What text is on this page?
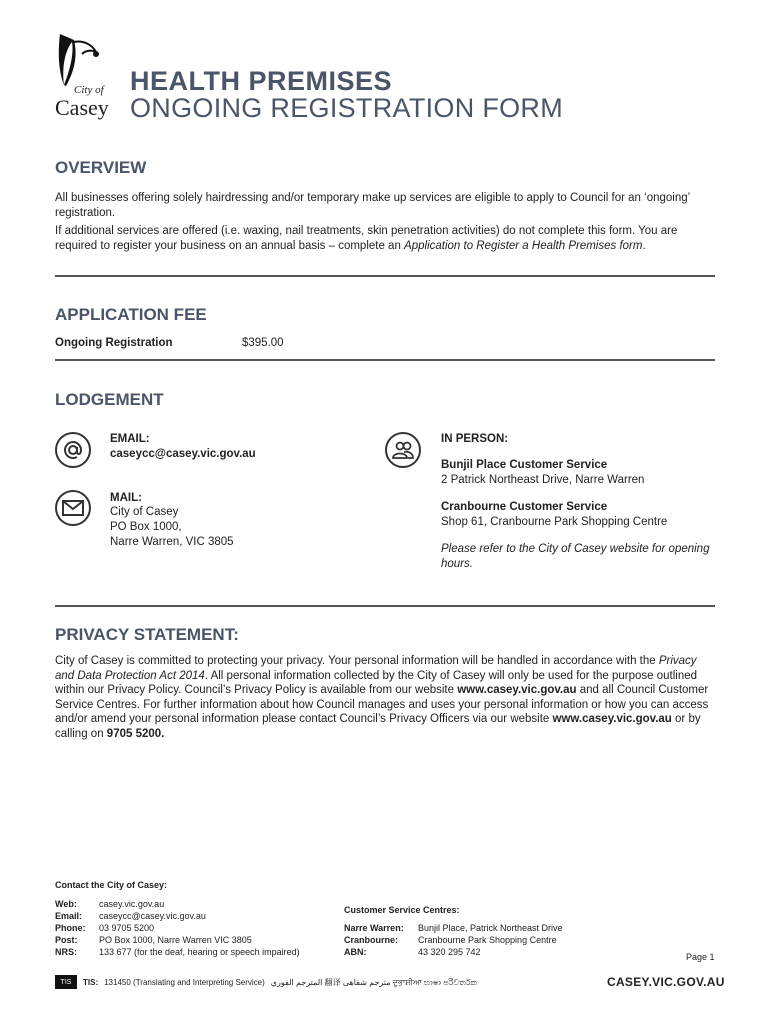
City of
Casey
HEALTH PREMISES
ONGOING REGISTRATION FORM
OVERVIEW
All businesses offering solely hairdressing and/or temporary make up services are eligible to apply to Council for an ‘ongoing’ registration.
If additional services are offered (i.e. waxing, nail treatments, skin penetration activities) do not complete this form. You are required to register your business on an annual basis – complete an Application to Register a Health Premises form.
APPLICATION FEE
Ongoing Registration	$395.00
LODGEMENT
EMAIL:
caseycc@casey.vic.gov.au
MAIL:
City of Casey
PO Box 1000,
Narre Warren, VIC 3805
IN PERSON:
Bunjil Place Customer Service
2 Patrick Northeast Drive, Narre Warren
Cranbourne Customer Service
Shop 61, Cranbourne Park Shopping Centre
Please refer to the City of Casey website for opening hours.
PRIVACY STATEMENT:
City of Casey is committed to protecting your privacy. Your personal information will be handled in accordance with the Privacy and Data Protection Act 2014. All personal information collected by the City of Casey will only be used for the purpose outlined within our Privacy Policy. Council’s Privacy Policy is available from our website www.casey.vic.gov.au and all Council Customer Service Centres. For further information about how Council manages and uses your personal information or how you can access and/or amend your personal information please contact Council’s Privacy Officers via our website www.casey.vic.gov.au or by calling on 9705 5200.
Contact the City of Casey:
Web: casey.vic.gov.au
Email: caseycc@casey.vic.gov.au
Phone: 03 9705 5200
Post: PO Box 1000, Narre Warren VIC 3805
NRS: 133 677 (for the deaf, hearing or speech impaired)
Customer Service Centres:
Narre Warren: Bunjil Place, Patrick Northeast Drive
Cranbourne: Cranbourne Park Shopping Centre
ABN:	43 320 295 742	Page 1
TIS	TIS: 131450 (Translating and Interpreting Service) المترجم الفوري 翻译 مترجم شفاهی ਦੁਭਾਸ਼ੀਆ භාෂා පරිවර්තක	CASEY.VIC.GOV.AU
